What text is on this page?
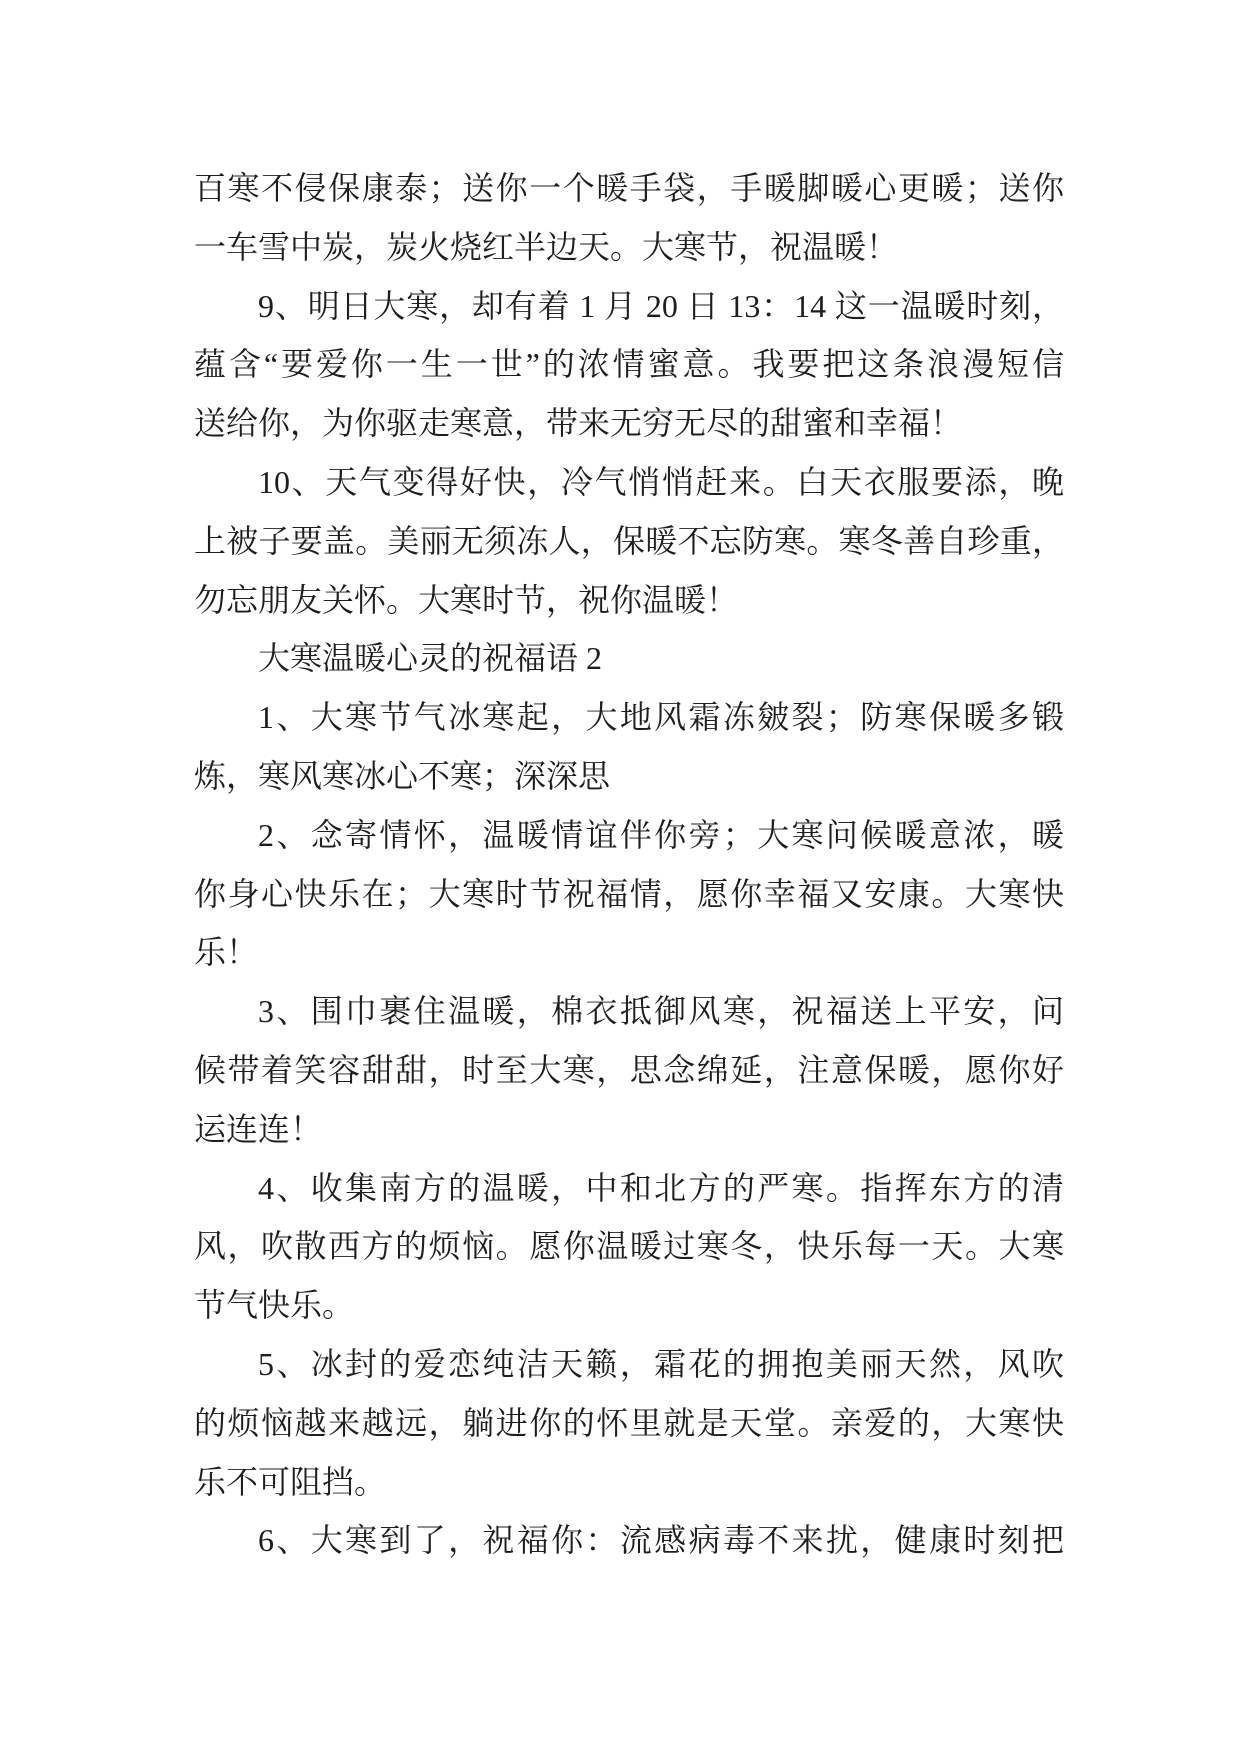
百寒不侵保康泰；送你一个暖手袋，手暖脚暖心更暖；送你
一车雪中炭，炭火烧红半边天。大寒节，祝温暖！
9、明日大寒，却有着 1 月 20 日 13：14 这一温暖时刻，
蕴含“要爱你一生一世”的浓情蜜意。我要把这条浪漫短信
送给你，为你驱走寒意，带来无穷无尽的甜蜜和幸福！
10、天气变得好快，冷气悄悄赶来。白天衣服要添，晚
上被子要盖。美丽无须冻人，保暖不忘防寒。寒冬善自珍重，
勿忘朋友关怀。大寒时节，祝你温暖！
大寒温暖心灵的祝福语 2
1、大寒节气冰寒起，大地风霜冻皴裂；防寒保暖多锻
炼，寒风寒冰心不寒；深深思
2、念寄情怀，温暖情谊伴你旁；大寒问候暖意浓，暖
你身心快乐在；大寒时节祝福情，愿你幸福又安康。大寒快
乐！
3、围巾裹住温暖，棉衣抵御风寒，祝福送上平安，问
候带着笑容甜甜，时至大寒，思念绵延，注意保暖，愿你好
运连连！
4、收集南方的温暖，中和北方的严寒。指挥东方的清
风，吹散西方的烦恼。愿你温暖过寒冬，快乐每一天。大寒
节气快乐。
5、冰封的爱恋纯洁天籁，霜花的拥抱美丽天然，风吹
的烦恼越来越远，躺进你的怀里就是天堂。亲爱的，大寒快
乐不可阻挡。
6、大寒到了，祝福你：流感病毒不来扰，健康时刻把
